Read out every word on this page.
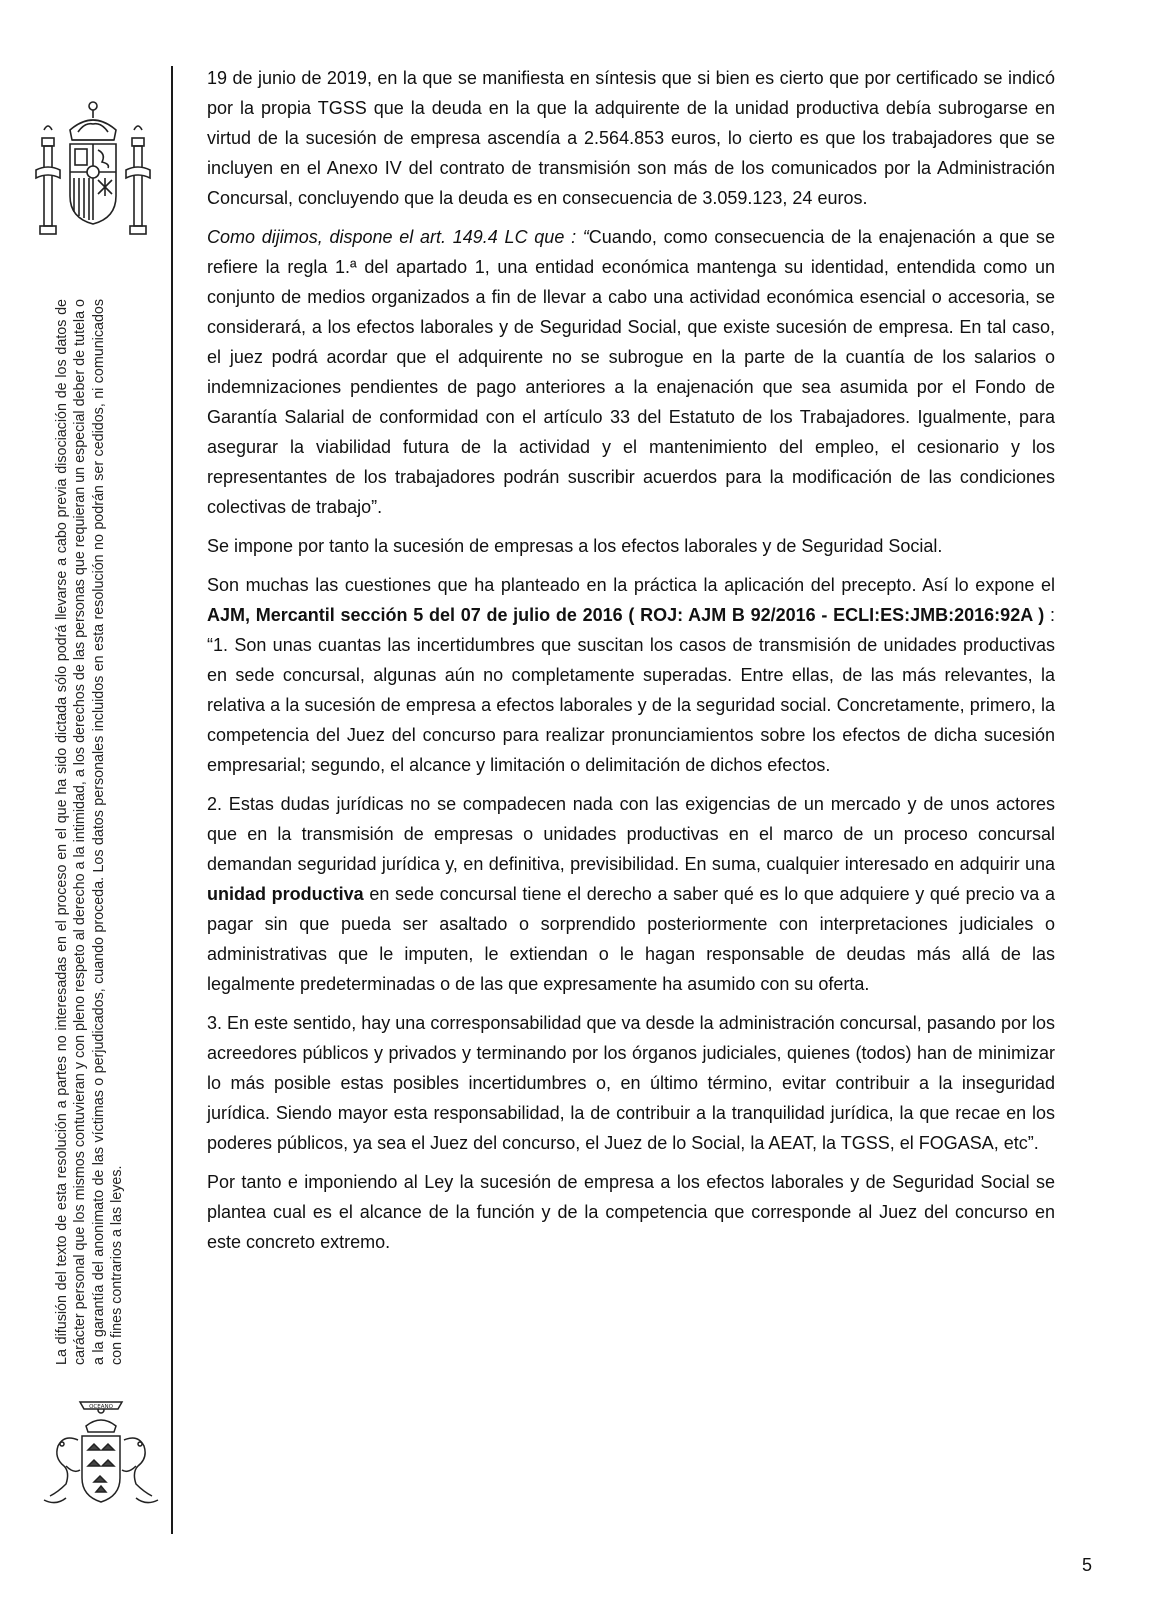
La difusión del texto de esta resolución a partes no interesadas en el proceso en el que ha sido dictada sólo podrá llevarse a cabo previa disociación de los datos de carácter personal que los mismos contuvieran y con pleno respeto al derecho a la intimidad, a los derechos de las personas que requieran un especial deber de tutela o a la garantía del anonimato de las víctimas o perjudicados, cuando proceda. Los datos personales incluidos en esta resolución no podrán ser cedidos, ni comunicados con fines contrarios a las leyes.
OCEANO

19 de junio de 2019, en la que se manifiesta en síntesis que si bien es cierto que por certificado se indicó por la propia TGSS que la deuda en la que la adquirente de la unidad productiva debía subrogarse en virtud de la sucesión de empresa ascendía a 2.564.853 euros, lo cierto es que los trabajadores que se incluyen en el Anexo IV del contrato de transmisión son más de los comunicados por la Administración Concursal, concluyendo que la deuda es en consecuencia de 3.059.123, 24 euros.

Como dijimos, dispone el art. 149.4 LC que : “Cuando, como consecuencia de la enajenación a que se refiere la regla 1.ª del apartado 1, una entidad económica mantenga su identidad, entendida como un conjunto de medios organizados a fin de llevar a cabo una actividad económica esencial o accesoria, se considerará, a los efectos laborales y de Seguridad Social, que existe sucesión de empresa. En tal caso, el juez podrá acordar que el adquirente no se subrogue en la parte de la cuantía de los salarios o indemnizaciones pendientes de pago anteriores a la enajenación que sea asumida por el Fondo de Garantía Salarial de conformidad con el artículo 33 del Estatuto de los Trabajadores. Igualmente, para asegurar la viabilidad futura de la actividad y el mantenimiento del empleo, el cesionario y los representantes de los trabajadores podrán suscribir acuerdos para la modificación de las condiciones colectivas de trabajo”.

Se impone por tanto la sucesión de empresas a los efectos laborales y de Seguridad Social.

Son muchas las cuestiones que ha planteado en la práctica la aplicación del precepto. Así lo expone el AJM, Mercantil sección 5 del 07 de julio de 2016 ( ROJ: AJM B 92/2016 - ECLI:ES:JMB:2016:92A ) : “1. Son unas cuantas las incertidumbres que suscitan los casos de transmisión de unidades productivas en sede concursal, algunas aún no completamente superadas. Entre ellas, de las más relevantes, la relativa a la sucesión de empresa a efectos laborales y de la seguridad social. Concretamente, primero, la competencia del Juez del concurso para realizar pronunciamientos sobre los efectos de dicha sucesión empresarial; segundo, el alcance y limitación o delimitación de dichos efectos.

2. Estas dudas jurídicas no se compadecen nada con las exigencias de un mercado y de unos actores que en la transmisión de empresas o unidades productivas en el marco de un proceso concursal demandan seguridad jurídica y, en definitiva, previsibilidad. En suma, cualquier interesado en adquirir una unidad productiva en sede concursal tiene el derecho a saber qué es lo que adquiere y qué precio va a pagar sin que pueda ser asaltado o sorprendido posteriormente con interpretaciones judiciales o administrativas que le imputen, le extiendan o le hagan responsable de deudas más allá de las legalmente predeterminadas o de las que expresamente ha asumido con su oferta.

3. En este sentido, hay una corresponsabilidad que va desde la administración concursal, pasando por los acreedores públicos y privados y terminando por los órganos judiciales, quienes (todos) han de minimizar lo más posible estas posibles incertidumbres o, en último término, evitar contribuir a la inseguridad jurídica. Siendo mayor esta responsabilidad, la de contribuir a la tranquilidad jurídica, la que recae en los poderes públicos, ya sea el Juez del concurso, el Juez de lo Social, la AEAT, la TGSS, el FOGASA, etc”.

Por tanto e imponiendo al Ley la sucesión de empresa a los efectos laborales y de Seguridad Social se plantea cual es el alcance de la función y de la competencia que corresponde al Juez del concurso en este concreto extremo.

5
